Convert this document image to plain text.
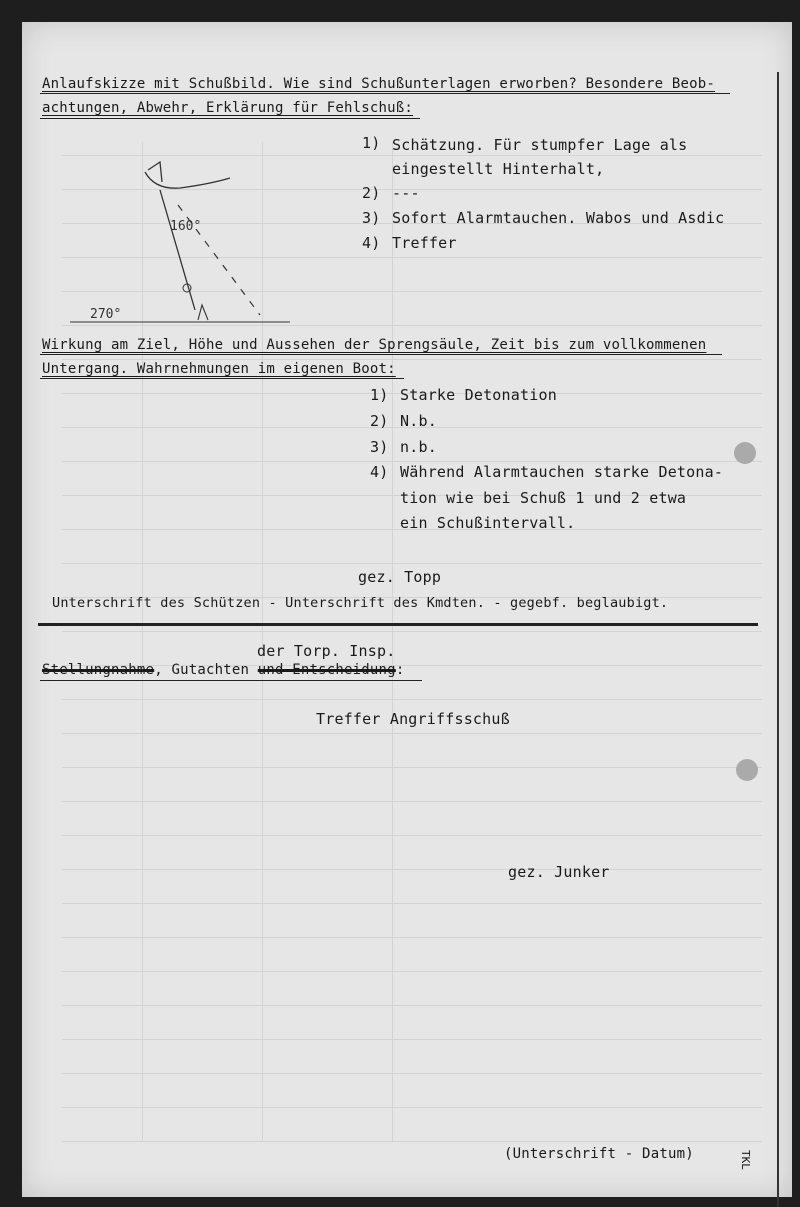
Anlaufskizze mit Schußbild. Wie sind Schußunterlagen erworben? Besondere Beob-
achtungen, Abwehr, Erklärung für Fehlschuß:
160°
270°
1) Schätzung. Für stumpfer Lage als
eingestellt Hinterhalt,
2) ---
3) Sofort Alarmtauchen. Wabos und Asdic
4) Treffer
Wirkung am Ziel, Höhe und Aussehen der Sprengsäule, Zeit bis zum vollkommenen
Untergang. Wahrnehmungen im eigenen Boot:
1) Starke Detonation
2) N.b.
3) n.b.
4) Während Alarmtauchen starke Detona-
tion wie bei Schuß 1 und 2 etwa
ein Schußintervall.
gez. Topp
Unterschrift des Schützen - Unterschrift des Kmdten. - gegebf. beglaubigt.
der Torp. Insp.
Stellungnahme, Gutachten und Entscheidung:
Treffer Angriffsschuß
gez. Junker
(Unterschrift - Datum)	TKL
